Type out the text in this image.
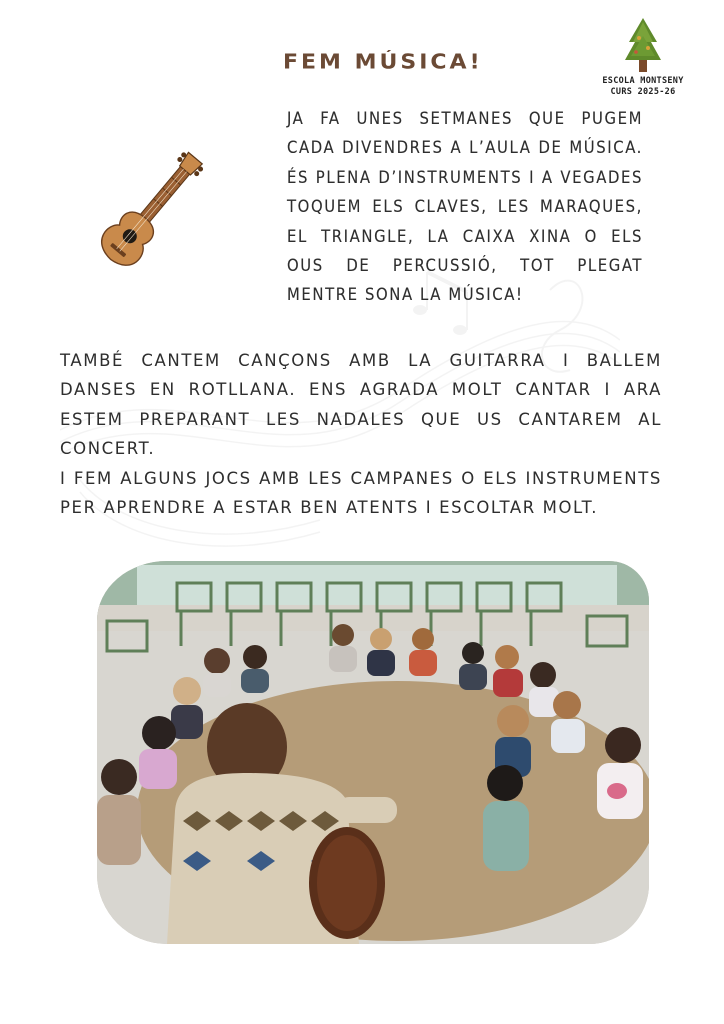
FEM MÚSICA!
ESCOLA MONTSENY
CURS 2025-26
JA FA UNES SETMANES QUE PUGEM CADA DIVENDRES A L’AULA DE MÚSICA. ÉS PLENA D’INSTRUMENTS I A VEGADES TOQUEM ELS CLAVES, LES MARAQUES, EL TRIANGLE, LA CAIXA XINA O ELS OUS DE PERCUSSIÓ, TOT PLEGAT MENTRE SONA LA MÚSICA!

TAMBÉ CANTEM CANÇONS AMB LA GUITARRA I BALLEM DANSES EN ROTLLANA. ENS AGRADA MOLT CANTAR I ARA ESTEM PREPARANT LES NADALES QUE US CANTAREM AL CONCERT.

I FEM ALGUNS JOCS AMB LES CAMPANES O ELS INSTRUMENTS PER APRENDRE A ESTAR BEN ATENTS I ESCOLTAR MOLT.
